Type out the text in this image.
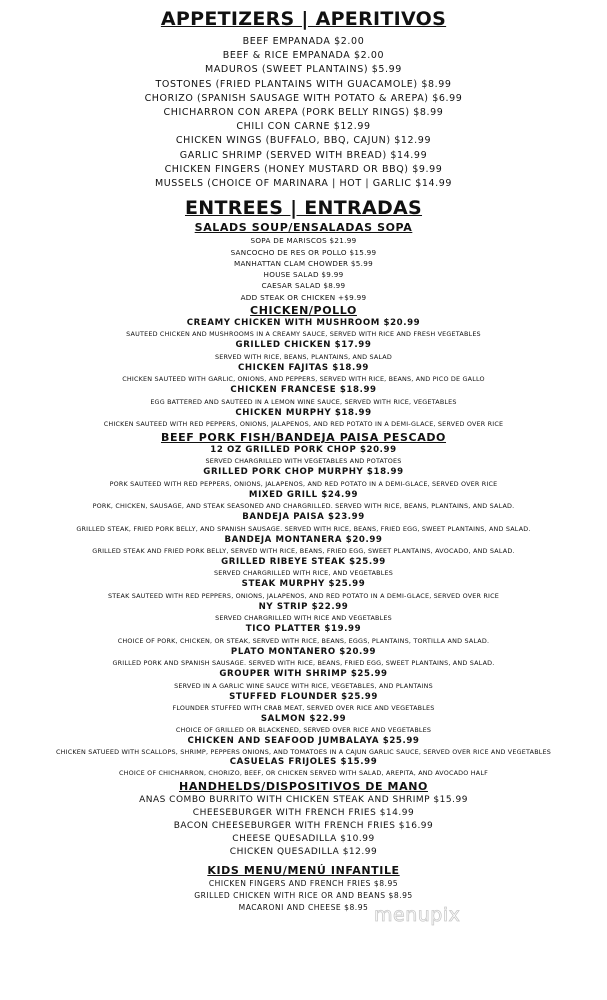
APPETIZERS | APERITIVOS
BEEF EMPANADA $2.00
BEEF & RICE EMPANADA $2.00
MADUROS (SWEET PLANTAINS) $5.99
TOSTONES (FRIED PLANTAINS WITH GUACAMOLE) $8.99
CHORIZO (SPANISH SAUSAGE WITH POTATO & AREPA) $6.99
CHICHARRON CON AREPA (PORK BELLY RINGS) $8.99
CHILI CON CARNE $12.99
CHICKEN WINGS (BUFFALO, BBQ, CAJUN) $12.99
GARLIC SHRIMP (SERVED WITH BREAD) $14.99
CHICKEN FINGERS (HONEY MUSTARD OR BBQ) $9.99
MUSSELS (CHOICE OF MARINARA | HOT | GARLIC $14.99
ENTREES | ENTRADAS
SALADS SOUP/ENSALADAS SOPA
SOPA DE MARISCOS $21.99
SANCOCHO DE RES OR POLLO $15.99
MANHATTAN CLAM CHOWDER $5.99
HOUSE SALAD $9.99
CAESAR SALAD $8.99
ADD STEAK OR CHICKEN +$9.99
CHICKEN/POLLO
CREAMY CHICKEN WITH MUSHROOM $20.99
SAUTEED CHICKEN AND MUSHROOMS IN A CREAMY SAUCE, SERVED WITH RICE AND FRESH VEGETABLES
GRILLED CHICKEN $17.99
SERVED WITH RICE, BEANS, PLANTAINS, AND SALAD
CHICKEN FAJITAS $18.99
CHICKEN SAUTEED WITH GARLIC, ONIONS, AND PEPPERS, SERVED WITH RICE, BEANS, AND PICO DE GALLO
CHICKEN FRANCESE $18.99
EGG BATTERED AND SAUTEED IN A LEMON WINE SAUCE, SERVED WITH RICE, VEGETABLES
CHICKEN MURPHY $18.99
CHICKEN SAUTEED WITH RED PEPPERS, ONIONS, JALAPENOS, AND RED POTATO IN A DEMI-GLACE, SERVED OVER RICE
BEEF PORK FISH/BANDEJA PAISA PESCADO
12 OZ GRILLED PORK CHOP $20.99
SERVED CHARGRILLED WITH VEGETABLES AND POTATOES
GRILLED PORK CHOP MURPHY $18.99
PORK SAUTEED WITH RED PEPPERS, ONIONS, JALAPENOS, AND RED POTATO IN A DEMI-GLACE, SERVED OVER RICE
MIXED GRILL $24.99
PORK, CHICKEN, SAUSAGE, AND STEAK SEASONED AND CHARGRILLED. SERVED WITH RICE, BEANS, PLANTAINS, AND SALAD.
BANDEJA PAISA $23.99
GRILLED STEAK, FRIED PORK BELLY, AND SPANISH SAUSAGE. SERVED WITH RICE, BEANS, FRIED EGG, SWEET PLANTAINS, AND SALAD.
BANDEJA MONTANERA $20.99
GRILLED STEAK AND FRIED PORK BELLY, SERVED WITH RICE, BEANS, FRIED EGG, SWEET PLANTAINS, AVOCADO, AND SALAD.
GRILLED RIBEYE STEAK $25.99
SERVED CHARGRILLED WITH RICE, AND VEGETABLES
STEAK MURPHY $25.99
STEAK SAUTEED WITH RED PEPPERS, ONIONS, JALAPENOS, AND RED POTATO IN A DEMI-GLACE, SERVED OVER RICE
NY STRIP $22.99
SERVED CHARGRILLED WITH RICE AND VEGETABLES
TICO PLATTER $19.99
CHOICE OF PORK, CHICKEN, OR STEAK, SERVED WITH RICE, BEANS, EGGS, PLANTAINS, TORTILLA AND SALAD.
PLATO MONTANERO $20.99
GRILLED PORK AND SPANISH SAUSAGE. SERVED WITH RICE, BEANS, FRIED EGG, SWEET PLANTAINS, AND SALAD.
GROUPER WITH SHRIMP $25.99
SERVED IN A GARLIC WINE SAUCE WITH RICE, VEGETABLES, AND PLANTAINS
STUFFED FLOUNDER $25.99
FLOUNDER STUFFED WITH CRAB MEAT, SERVED OVER RICE AND VEGETABLES
SALMON $22.99
CHOICE OF GRILLED OR BLACKENED, SERVED OVER RICE AND VEGETABLES
CHICKEN AND SEAFOOD JUMBALAYA $25.99
CHICKEN SATUEED WITH SCALLOPS, SHRIMP, PEPPERS ONIONS, AND TOMATOES IN A CAJUN GARLIC SAUCE, SERVED OVER RICE AND VEGETABLES
CASUELAS FRIJOLES $15.99
CHOICE OF CHICHARRON, CHORIZO, BEEF, OR CHICKEN SERVED WITH SALAD, AREPITA, AND AVOCADO HALF
HANDHELDS/DISPOSITIVOS DE MANO
ANAS COMBO BURRITO WITH CHICKEN STEAK AND SHRIMP $15.99
CHEESEBURGER WITH FRENCH FRIES $14.99
BACON CHEESEBURGER WITH FRENCH FRIES $16.99
CHEESE QUESADILLA $10.99
CHICKEN QUESADILLA $12.99
KIDS MENU/MENÚ INFANTILE
CHICKEN FINGERS AND FRENCH FRIES $8.95
GRILLED CHICKEN WITH RICE OR AND BEANS $8.95
MACARONI AND CHEESE $8.95 menupix
